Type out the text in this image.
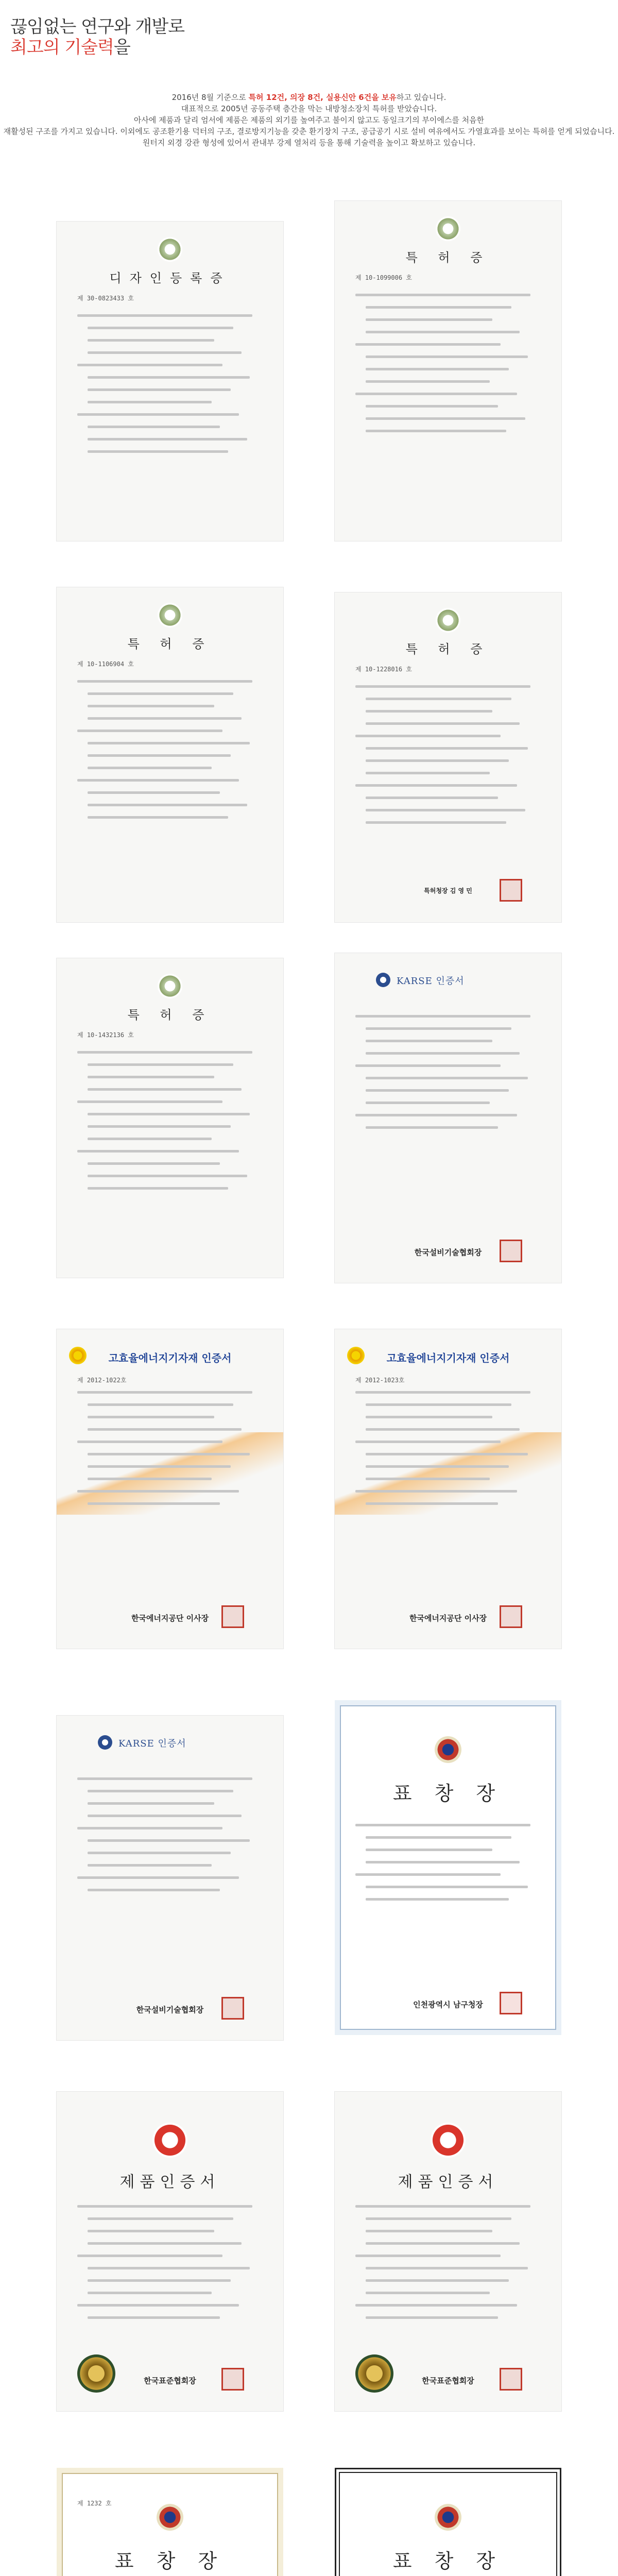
끊임없는 연구와 개발로
최고의 기술력을
2016년 8월 기준으로 특허 12건, 의장 8건, 실용신안 6건을 보유하고 있습니다.
대표적으로 2005년 공동주택 층간을 막는 내방청소장치 특허를 받았습니다.
아사에 제품과 달리 엄서에 제품은 제품의 외기를 높여주고 불이지 않고도 동일크기의 부이에스를 처음한
재활성된 구조를 가지고 있습니다. 이외에도 공조환기용 덕터의 구조, 결로방지기능을 갖춘 환기장치 구조, 공급공기 시로 설비 여유에서도 가열효과를 보이는 특허를 얻게 되었습니다.
원터지 외경 강관 형성에 있어서 관내부 강제 열처리 등을 통해 기술력을 높이고 확보하고 있습니다.
디자인등록증
제 30-0823433 호
특 허 증
제 10-1099006 호
특 허 증
제 10-1106904 호
특 허 증
제 10-1228016 호
특허청장 김 영 민
특 허 증
제 10-1432136 호
KARSE 인증서
한국설비기술협회장
고효율에너지기자재 인증서
제 2012-1022호
한국에너지공단 이사장
고효율에너지기자재 인증서
제 2012-1023호
한국에너지공단 이사장
KARSE 인증서
한국설비기술협회장
표 창 장
인천광역시 남구청장
제품인증서
한국표준협회장
제품인증서
한국표준협회장
표 창 장
제 1232 호
표 창 장
